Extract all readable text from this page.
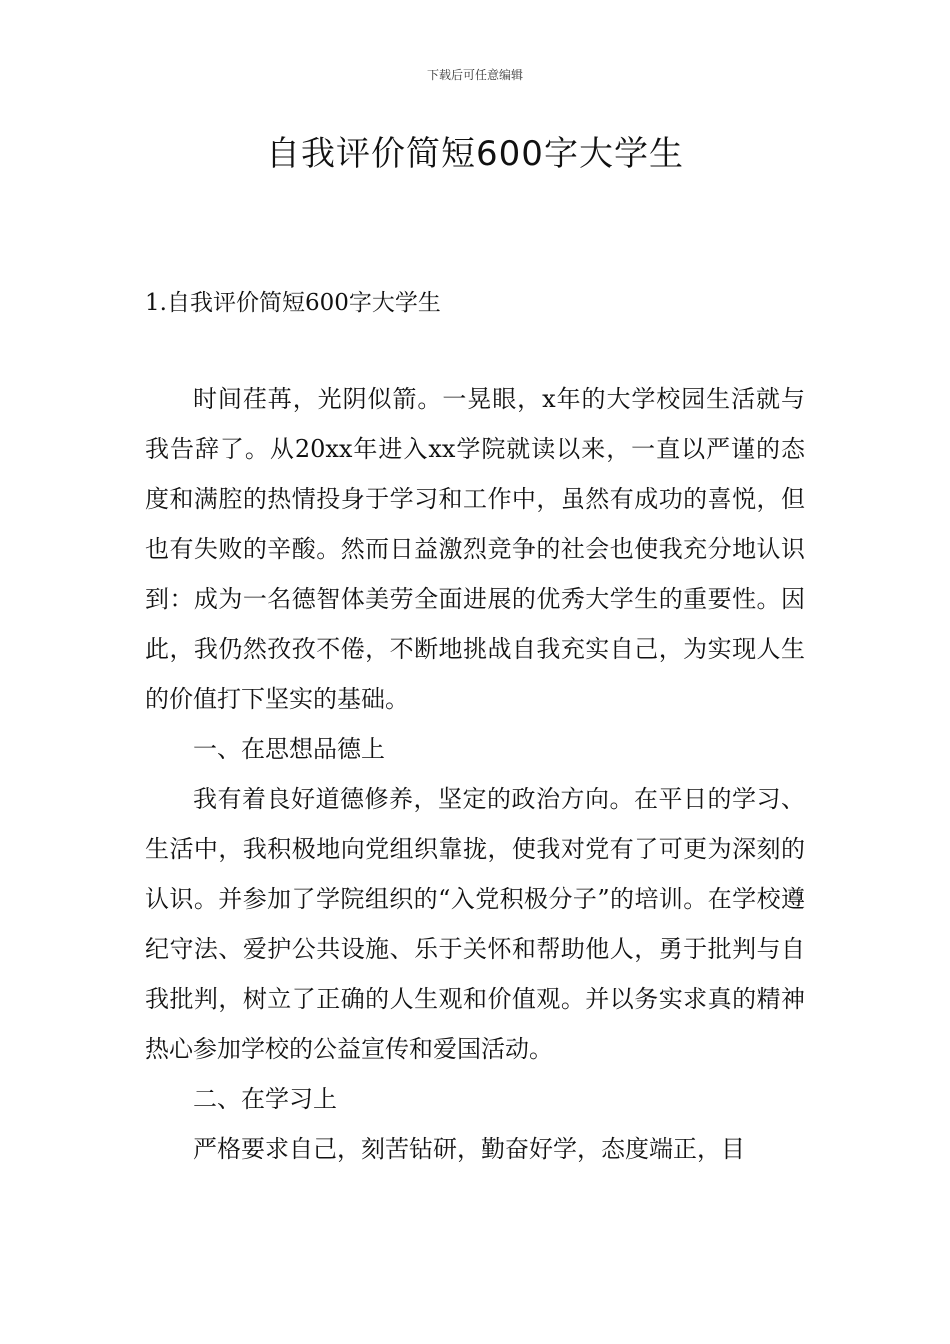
下载后可任意编辑
自我评价简短600字大学生
1.自我评价简短600字大学生

时间荏苒，光阴似箭。一晃眼，x年的大学校园生活就与我告辞了。从20xx年进入xx学院就读以来，一直以严谨的态度和满腔的热情投身于学习和工作中，虽然有成功的喜悦，但也有失败的辛酸。然而日益激烈竞争的社会也使我充分地认识到：成为一名德智体美劳全面进展的优秀大学生的重要性。因此，我仍然孜孜不倦，不断地挑战自我充实自己，为实现人生的价值打下坚实的基础。

一、在思想品德上

我有着良好道德修养，坚定的政治方向。在平日的学习、生活中，我积极地向党组织靠拢，使我对党有了可更为深刻的认识。并参加了学院组织的“入党积极分子”的培训。在学校遵纪守法、爱护公共设施、乐于关怀和帮助他人，勇于批判与自我批判，树立了正确的人生观和价值观。并以务实求真的精神热心参加学校的公益宣传和爱国活动。

二、在学习上

严格要求自己，刻苦钻研，勤奋好学，态度端正，目
